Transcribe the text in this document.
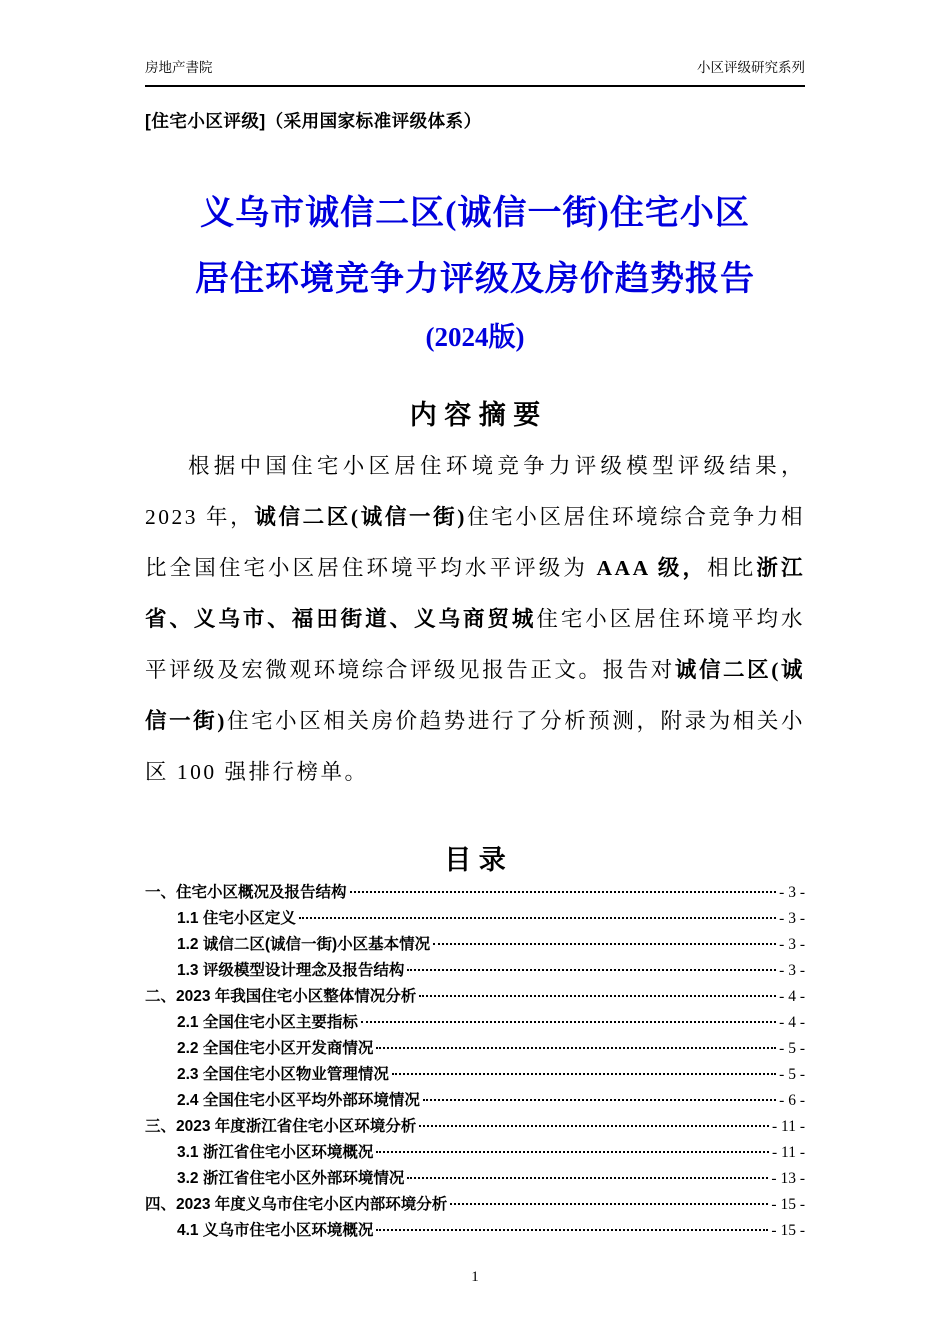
房地产書院	小区评级研究系列
[住宅小区评级]（采用国家标准评级体系）
义乌市诚信二区(诚信一街)住宅小区
居住环境竞争力评级及房价趋势报告
(2024版)
内 容 摘 要

根据中国住宅小区居住环境竞争力评级模型评级结果，2023 年，诚信二区(诚信一街)住宅小区居住环境综合竞争力相比全国住宅小区居住环境平均水平评级为 AAA 级，相比浙江省、义乌市、福田街道、义乌商贸城住宅小区居住环境平均水平评级及宏微观环境综合评级见报告正文。报告对诚信二区(诚信一街)住宅小区相关房价趋势进行了分析预测，附录为相关小区 100 强排行榜单。

目 录
一、住宅小区概况及报告结构	- 3 -
1.1 住宅小区定义	- 3 -
1.2 诚信二区(诚信一街)小区基本情况	- 3 -
1.3 评级模型设计理念及报告结构	- 3 -
二、2023 年我国住宅小区整体情况分析	- 4 -
2.1 全国住宅小区主要指标	- 4 -
2.2 全国住宅小区开发商情况	- 5 -
2.3 全国住宅小区物业管理情况	- 5 -
2.4 全国住宅小区平均外部环境情况	- 6 -
三、2023 年度浙江省住宅小区环境分析	- 11 -
3.1 浙江省住宅小区环境概况	- 11 -
3.2 浙江省住宅小区外部环境情况	- 13 -
四、2023 年度义乌市住宅小区内部环境分析	- 15 -
4.1 义乌市住宅小区环境概况	- 15 -
1
